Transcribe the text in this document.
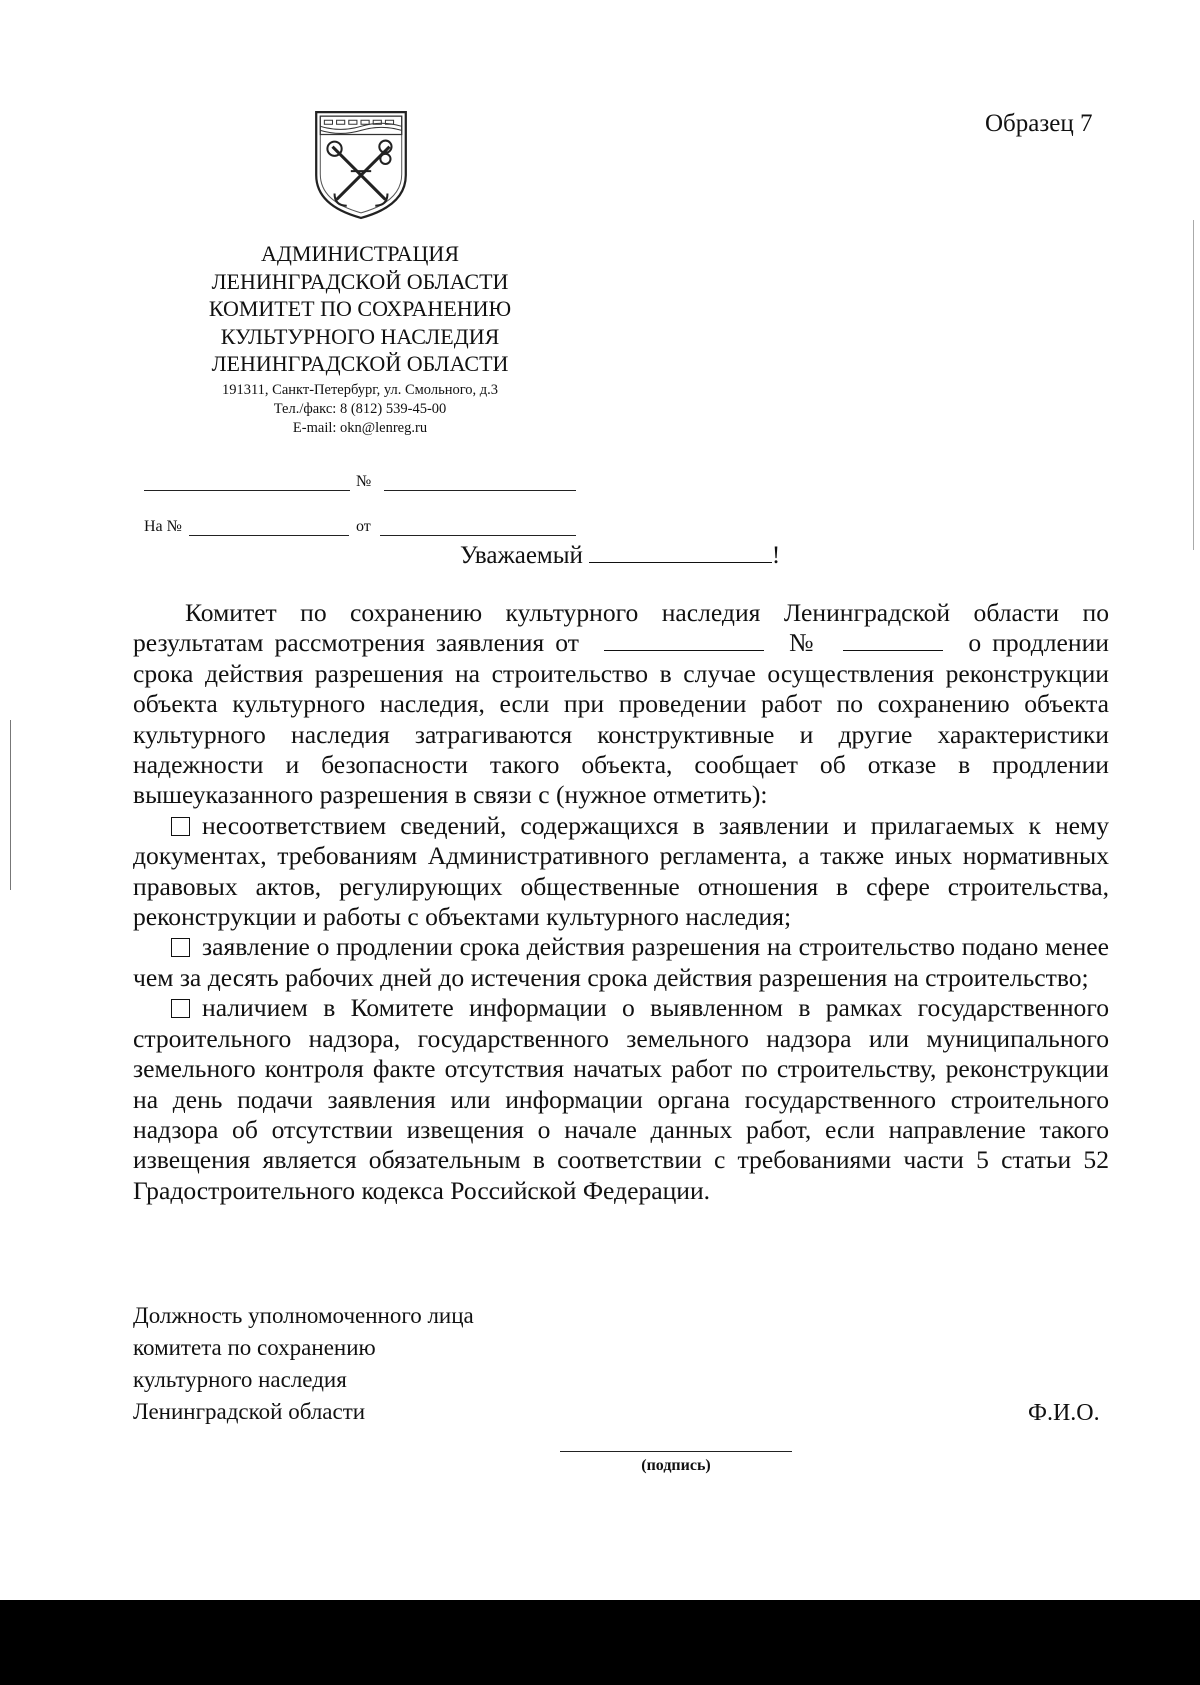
Образец 7
АДМИНИСТРАЦИЯ
ЛЕНИНГРАДСКОЙ ОБЛАСТИ
КОМИТЕТ ПО СОХРАНЕНИЮ
КУЛЬТУРНОГО НАСЛЕДИЯ
ЛЕНИНГРАДСКОЙ ОБЛАСТИ
191311, Санкт-Петербург, ул. Смольного, д.3
Тел./факс: 8 (812) 539-45-00
E-mail: okn@lenreg.ru
№
На №	от
Уважаемый	!

Комитет по сохранению культурного наследия Ленинградской области по результатам рассмотрения заявления от	№	о продлении срока действия разрешения на строительство в случае осуществления реконструкции объекта культурного наследия, если при проведении работ по сохранению объекта культурного наследия затрагиваются конструктивные и другие характеристики надежности и безопасности такого объекта, сообщает об отказе в продлении вышеуказанного разрешения в связи с (нужное отметить):

несоответствием сведений, содержащихся в заявлении и прилагаемых к нему документах, требованиям Административного регламента, а также иных нормативных правовых актов, регулирующих общественные отношения в сфере строительства, реконструкции и работы с объектами культурного наследия;

заявление о продлении срока действия разрешения на строительство подано менее чем за десять рабочих дней до истечения срока действия разрешения на строительство;

наличием в Комитете информации о выявленном в рамках государственного строительного надзора, государственного земельного надзора или муниципального земельного контроля факте отсутствия начатых работ по строительству, реконструкции на день подачи заявления или информации органа государственного строительного надзора об отсутствии извещения о начале данных работ, если направление такого извещения является обязательным в соответствии с требованиями части 5 статьи 52 Градостроительного кодекса Российской Федерации.

Должность уполномоченного лица
комитета по сохранению
культурного наследия
Ленинградской области	Ф.И.О.
(подпись)
